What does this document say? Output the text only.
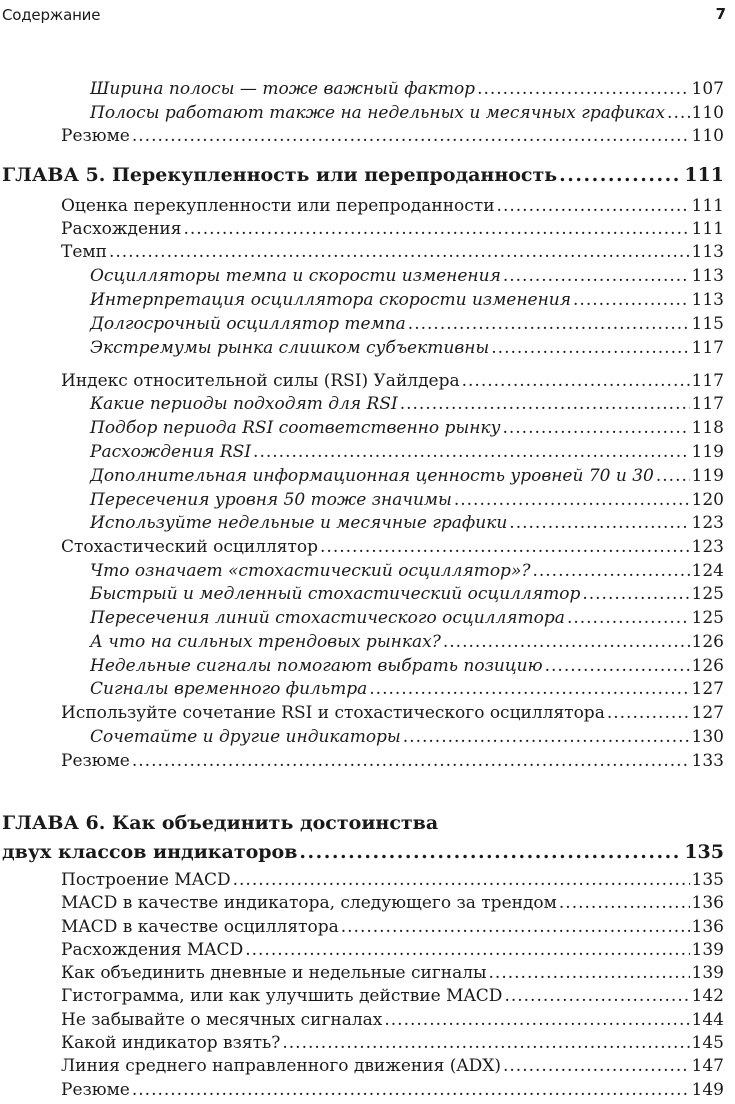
Содержание	7
Ширина полосы — тоже важный фактор .....	107
Полосы работают также на недельных и месячных графиках ..... 110
Резюме .....	110
ГЛАВА 5. Перекупленность или перепроданность .....	111
Оценка перекупленности или перепроданности .....	111
Расхождения .....	111
Темп .....	113
Осцилляторы темпа и скорости изменения .....	113
Интерпретация осциллятора скорости изменения .....	113
Долгосрочный осциллятор темпа .....	115
Экстремумы рынка слишком субъективны .....	117
Индекс относительной силы (RSI) Уайлдера .....	117
Какие периоды подходят для RSI .....	117
Подбор периода RSI соответственно рынку .....	118
Расхождения RSI .....	119
Дополнительная информационная ценность уровней 70 и 30 ..... 119
Пересечения уровня 50 тоже значимы .....	120
Используйте недельные и месячные графики .....	123
Стохастический осциллятор .....	123
Что означает «стохастический осциллятор»? .....	124
Быстрый и медленный стохастический осциллятор .....	125
Пересечения линий стохастического осциллятора .....	125
А что на сильных трендовых рынках? .....	126
Недельные сигналы помогают выбрать позицию .....	126
Сигналы временного фильтра .....	127
Используйте сочетание RSI и стохастического осциллятора .....	127
Сочетайте и другие индикаторы .....	130
Резюме .....	133
ГЛАВА 6. Как объединить достоинства
двух классов индикаторов .....	135
Построение MACD .....	135
MACD в качестве индикатора, следующего за трендом .....	136
MACD в качестве осциллятора .....	136
Расхождения MACD .....	139
Как объединить дневные и недельные сигналы .....	139
Гистограмма, или как улучшить действие MACD .....	142
Не забывайте о месячных сигналах .....	144
Какой индикатор взять? .....	145
Линия среднего направленного движения (ADX) .....	147
Резюме .....	149
